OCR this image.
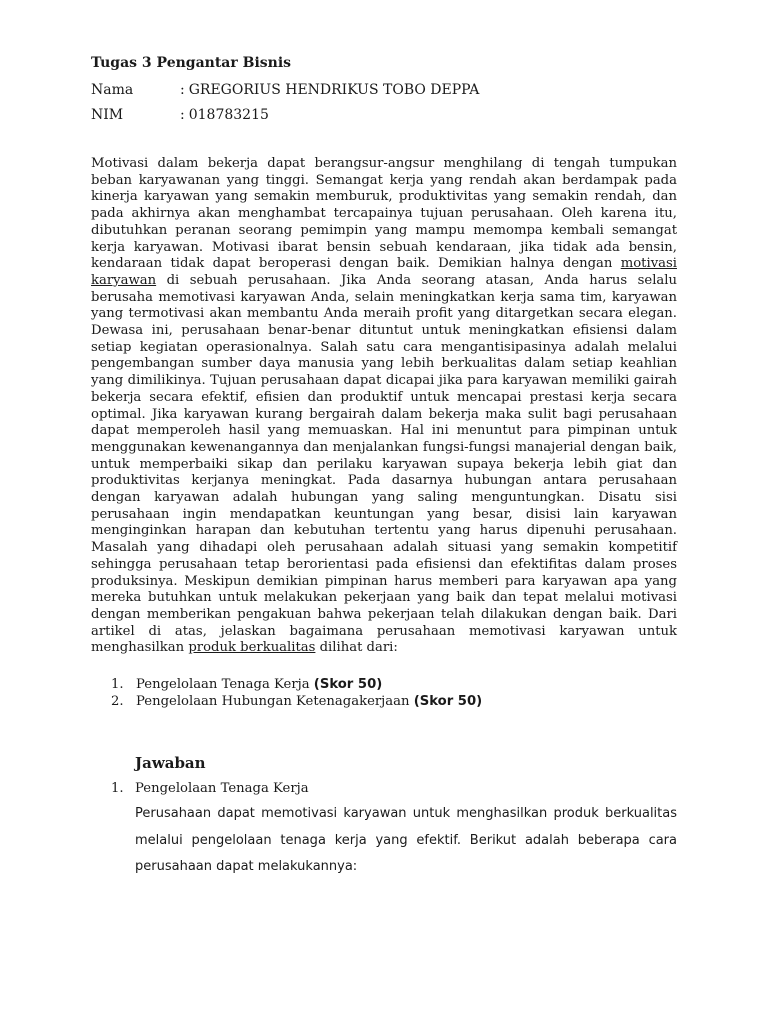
Tugas 3 Pengantar Bisnis
Nama	: GREGORIUS HENDRIKUS TOBO DEPPA
NIM	: 018783215

Motivasi dalam bekerja dapat berangsur-angsur menghilang di tengah tumpukan beban karyawanan yang tinggi. Semangat kerja yang rendah akan berdampak pada kinerja karyawan yang semakin memburuk, produktivitas yang semakin rendah, dan pada akhirnya akan menghambat tercapainya tujuan perusahaan. Oleh karena itu, dibutuhkan peranan seorang pemimpin yang mampu memompa kembali semangat kerja karyawan. Motivasi ibarat bensin sebuah kendaraan, jika tidak ada bensin, kendaraan tidak dapat beroperasi dengan baik. Demikian halnya dengan motivasi karyawan di sebuah perusahaan. Jika Anda seorang atasan, Anda harus selalu berusaha memotivasi karyawan Anda, selain meningkatkan kerja sama tim, karyawan yang termotivasi akan membantu Anda meraih profit yang ditargetkan secara elegan. Dewasa ini, perusahaan benar-benar dituntut untuk meningkatkan efisiensi dalam setiap kegiatan operasionalnya. Salah satu cara mengantisipasinya adalah melalui pengembangan sumber daya manusia yang lebih berkualitas dalam setiap keahlian yang dimilikinya. Tujuan perusahaan dapat dicapai jika para karyawan memiliki gairah bekerja secara efektif, efisien dan produktif untuk mencapai prestasi kerja secara optimal. Jika karyawan kurang bergairah dalam bekerja maka sulit bagi perusahaan dapat memperoleh hasil yang memuaskan. Hal ini menuntut para pimpinan untuk menggunakan kewenangannya dan menjalankan fungsi-fungsi manajerial dengan baik, untuk memperbaiki sikap dan perilaku karyawan supaya bekerja lebih giat dan produktivitas kerjanya meningkat. Pada dasarnya hubungan antara perusahaan dengan karyawan adalah hubungan yang saling menguntungkan. Disatu sisi perusahaan ingin mendapatkan keuntungan yang besar, disisi lain karyawan menginginkan harapan dan kebutuhan tertentu yang harus dipenuhi perusahaan. Masalah yang dihadapi oleh perusahaan adalah situasi yang semakin kompetitif sehingga perusahaan tetap berorientasi pada efisiensi dan efektifitas dalam proses produksinya. Meskipun demikian pimpinan harus memberi para karyawan apa yang mereka butuhkan untuk melakukan pekerjaan yang baik dan tepat melalui motivasi dengan memberikan pengakuan bahwa pekerjaan telah dilakukan dengan baik. Dari artikel di atas, jelaskan bagaimana perusahaan memotivasi karyawan untuk menghasilkan produk berkualitas dilihat dari:

1. Pengelolaan Tenaga Kerja (Skor 50)
2. Pengelolaan Hubungan Ketenagakerjaan (Skor 50)
Jawaban
1. Pengelolaan Tenaga Kerja

Perusahaan dapat memotivasi karyawan untuk menghasilkan produk berkualitas melalui pengelolaan tenaga kerja yang efektif. Berikut adalah beberapa cara perusahaan dapat melakukannya:
